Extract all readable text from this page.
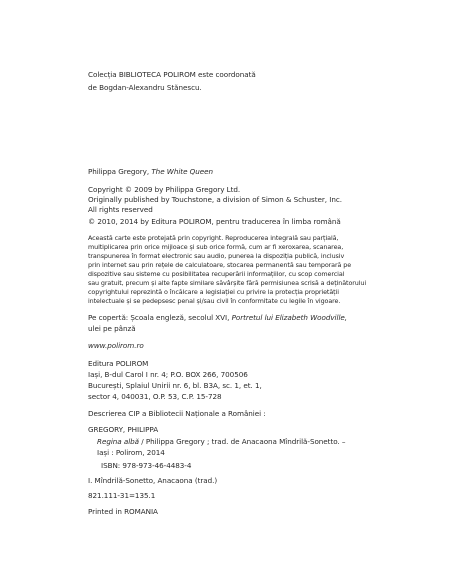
Colecția BIBLIOTECA POLIROM este coordonată
de Bogdan-Alexandru Stănescu.
Philippa Gregory, The White Queen
Copyright © 2009 by Philippa Gregory Ltd.
Originally published by Touchstone, a division of Simon & Schuster, Inc.
All rights reserved
© 2010, 2014 by Editura POLIROM, pentru traducerea în limba română
Această carte este protejată prin copyright. Reproducerea integrală sau parțială,
multiplicarea prin orice mijloace și sub orice formă, cum ar fi xeroxarea, scanarea,
transpunerea în format electronic sau audio, punerea la dispoziția publică, inclusiv
prin internet sau prin rețele de calculatoare, stocarea permanentă sau temporară pe
dispozitive sau sisteme cu posibilitatea recuperării informațiilor, cu scop comercial
sau gratuit, precum și alte fapte similare săvârșite fără permisiunea scrisă a deținătorului
copyrightului reprezintă o încălcare a legislației cu privire la protecția proprietății
intelectuale și se pedepsesc penal și/sau civil în conformitate cu legile în vigoare.
Pe copertă: Școala engleză, secolul XVI, Portretul lui Elizabeth Woodville,
ulei pe pânză
www.polirom.ro
Editura POLIROM
Iași, B-dul Carol I nr. 4; P.O. BOX 266, 700506
București, Splaiul Unirii nr. 6, bl. B3A, sc. 1, et. 1,
sector 4, 040031, O.P. 53, C.P. 15-728
Descrierea CIP a Bibliotecii Naționale a României :
GREGORY, PHILIPPA
Regina albă / Philippa Gregory ; trad. de Anacaona Mîndrilă-Sonetto. –
Iași : Polirom, 2014
ISBN: 978-973-46-4483-4
I. Mîndrilă-Sonetto, Anacaona (trad.)
821.111-31=135.1
Printed in ROMANIA
